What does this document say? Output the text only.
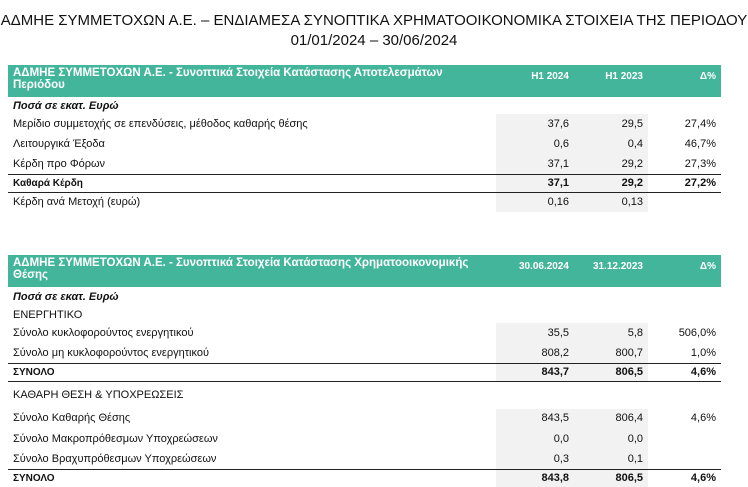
ΑΔΜΗΕ ΣΥΜΜΕΤΟΧΩΝ Α.Ε. – ΕΝΔΙΑΜΕΣΑ ΣΥΝΟΠΤΙΚΑ ΧΡΗΜΑΤΟΟΙΚΟΝΟΜΙΚΑ ΣΤΟΙΧΕΙΑ ΤΗΣ ΠΕΡΙΟΔΟΥ
01/01/2024 – 30/06/2024
ΑΔΜΗΕ ΣΥΜΜΕΤΟΧΩΝ Α.Ε. - Συνοπτικά Στοιχεία Κατάστασης Αποτελεσμάτων Περιόδου	H1 2024	H1 2023	Δ%
Ποσά σε εκατ. Ευρώ			
Μερίδιο συμμετοχής σε επενδύσεις, μέθοδος καθαρής θέσης	37,6	29,5	27,4%
Λειτουργικά Έξοδα	0,6	0,4	46,7%
Κέρδη προ Φόρων	37,1	29,2	27,3%
Καθαρά Κέρδη	37,1	29,2	27,2%
Κέρδη ανά Μετοχή (ευρώ)	0,16	0,13	
ΑΔΜΗΕ ΣΥΜΜΕΤΟΧΩΝ Α.Ε. - Συνοπτικά Στοιχεία Κατάστασης Χρηματοοικονομικής Θέσης	30.06.2024	31.12.2023	Δ%
Ποσά σε εκατ. Ευρώ			
ΕΝΕΡΓΗΤΙΚΟ			
Σύνολο κυκλοφορούντος ενεργητικού	35,5	5,8	506,0%
Σύνολο μη κυκλοφορούντος ενεργητικού	808,2	800,7	1,0%
ΣΥΝΟΛΟ	843,7	806,5	4,6%
ΚΑΘΑΡΗ ΘΕΣΗ & ΥΠΟΧΡΕΩΣΕΙΣ			
Σύνολο Καθαρής Θέσης	843,5	806,4	4,6%
Σύνολο Μακροπρόθεσμων Υποχρεώσεων	0,0	0,0	
Σύνολο Βραχυπρόθεσμων Υποχρεώσεων	0,3	0,1	
ΣΥΝΟΛΟ	843,8	806,5	4,6%
